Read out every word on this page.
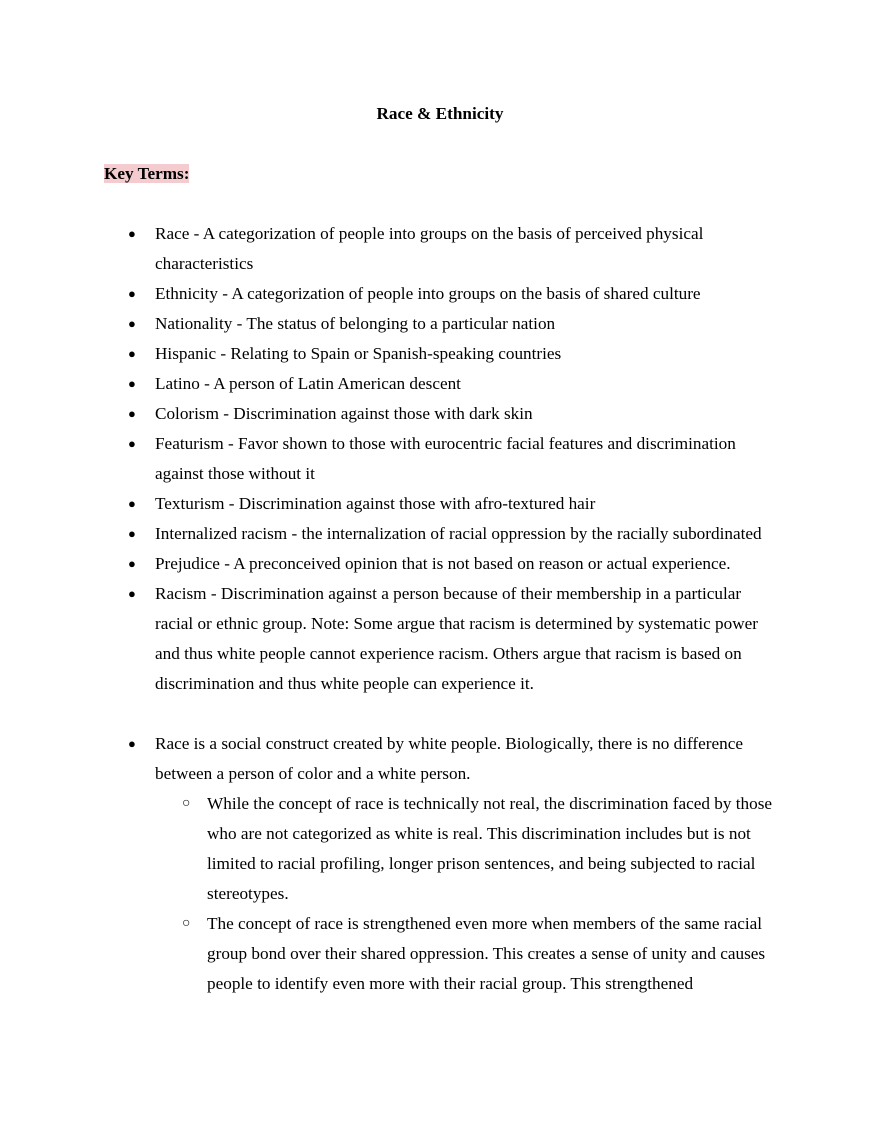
Race & Ethnicity
Key Terms:
● Race - A categorization of people into groups on the basis of perceived physical characteristics
● Ethnicity - A categorization of people into groups on the basis of shared culture
● Nationality - The status of belonging to a particular nation
● Hispanic - Relating to Spain or Spanish-speaking countries
● Latino - A person of Latin American descent
● Colorism - Discrimination against those with dark skin
● Featurism - Favor shown to those with eurocentric facial features and discrimination against those without it
● Texturism - Discrimination against those with afro-textured hair
● Internalized racism - the internalization of racial oppression by the racially subordinated
● Prejudice - A preconceived opinion that is not based on reason or actual experience.
● Racism - Discrimination against a person because of their membership in a particular racial or ethnic group. Note: Some argue that racism is determined by systematic power and thus white people cannot experience racism. Others argue that racism is based on discrimination and thus white people can experience it.
● Race is a social construct created by white people. Biologically, there is no difference between a person of color and a white person.
○ While the concept of race is technically not real, the discrimination faced by those who are not categorized as white is real. This discrimination includes but is not limited to racial profiling, longer prison sentences, and being subjected to racial stereotypes.
○ The concept of race is strengthened even more when members of the same racial group bond over their shared oppression. This creates a sense of unity and causes people to identify even more with their racial group. This strengthened
